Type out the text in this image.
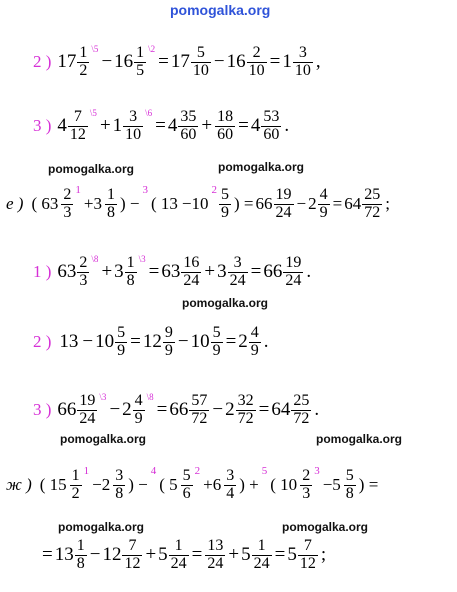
pomogalka.org
2 ) $17 \frac{1}{2}$ \5
− $16 \frac{1}{5}$ \2
= $17 \frac{5}{10} - 16 \frac{2}{10} = 1 \frac{3}{10}$ ,
3 ) $4 \frac{7}{12}$ \5
+ $1 \frac{3}{10}$ \6
= $4 \frac{35}{60} + \frac{18}{60} = 4 \frac{53}{60}$ .
pomogalka.org	pomogalka.org
е ) ( $63 \frac{2}{3} 1$
$+3 \frac{1}{8}$ ) −
3
( 13 −10
$2 \frac{5}{9}$ ) = $66 \frac{19}{24} - 2 \frac{4}{9} = 64 \frac{25}{72}$ ;
1 ) $63 \frac{2}{3}$ \8
+ $3 \frac{1}{8}$ \3
= $63 \frac{16}{24} + 3 \frac{3}{24} = 66 \frac{19}{24}$ .
pomogalka.org
2 ) $13 - 10 \frac{5}{9} = 12 \frac{9}{9} - 10 \frac{5}{9} = 2 \frac{4}{9}$ .
3 ) $66 \frac{19}{24}$ \3
− $2 \frac{4}{9}$ \8
= $66 \frac{57}{72} - 2 \frac{32}{72} = 64 \frac{25}{72}$ .
pomogalka.org	pomogalka.org
ж ) ( $15 \frac{1}{2} 1$
$-2 \frac{3}{8}$ ) −
4
( $5 \frac{5}{6} 2$
$+6 \frac{3}{4}$ ) +
5
( $10 \frac{2}{3} 3$
$-5 \frac{5}{8}$ ) =
pomogalka.org	pomogalka.org
= $13 \frac{1}{8} - 12 \frac{7}{12} + 5 \frac{1}{24} = \frac{13}{24} + 5 \frac{1}{24} = 5 \frac{7}{12}$ ;
